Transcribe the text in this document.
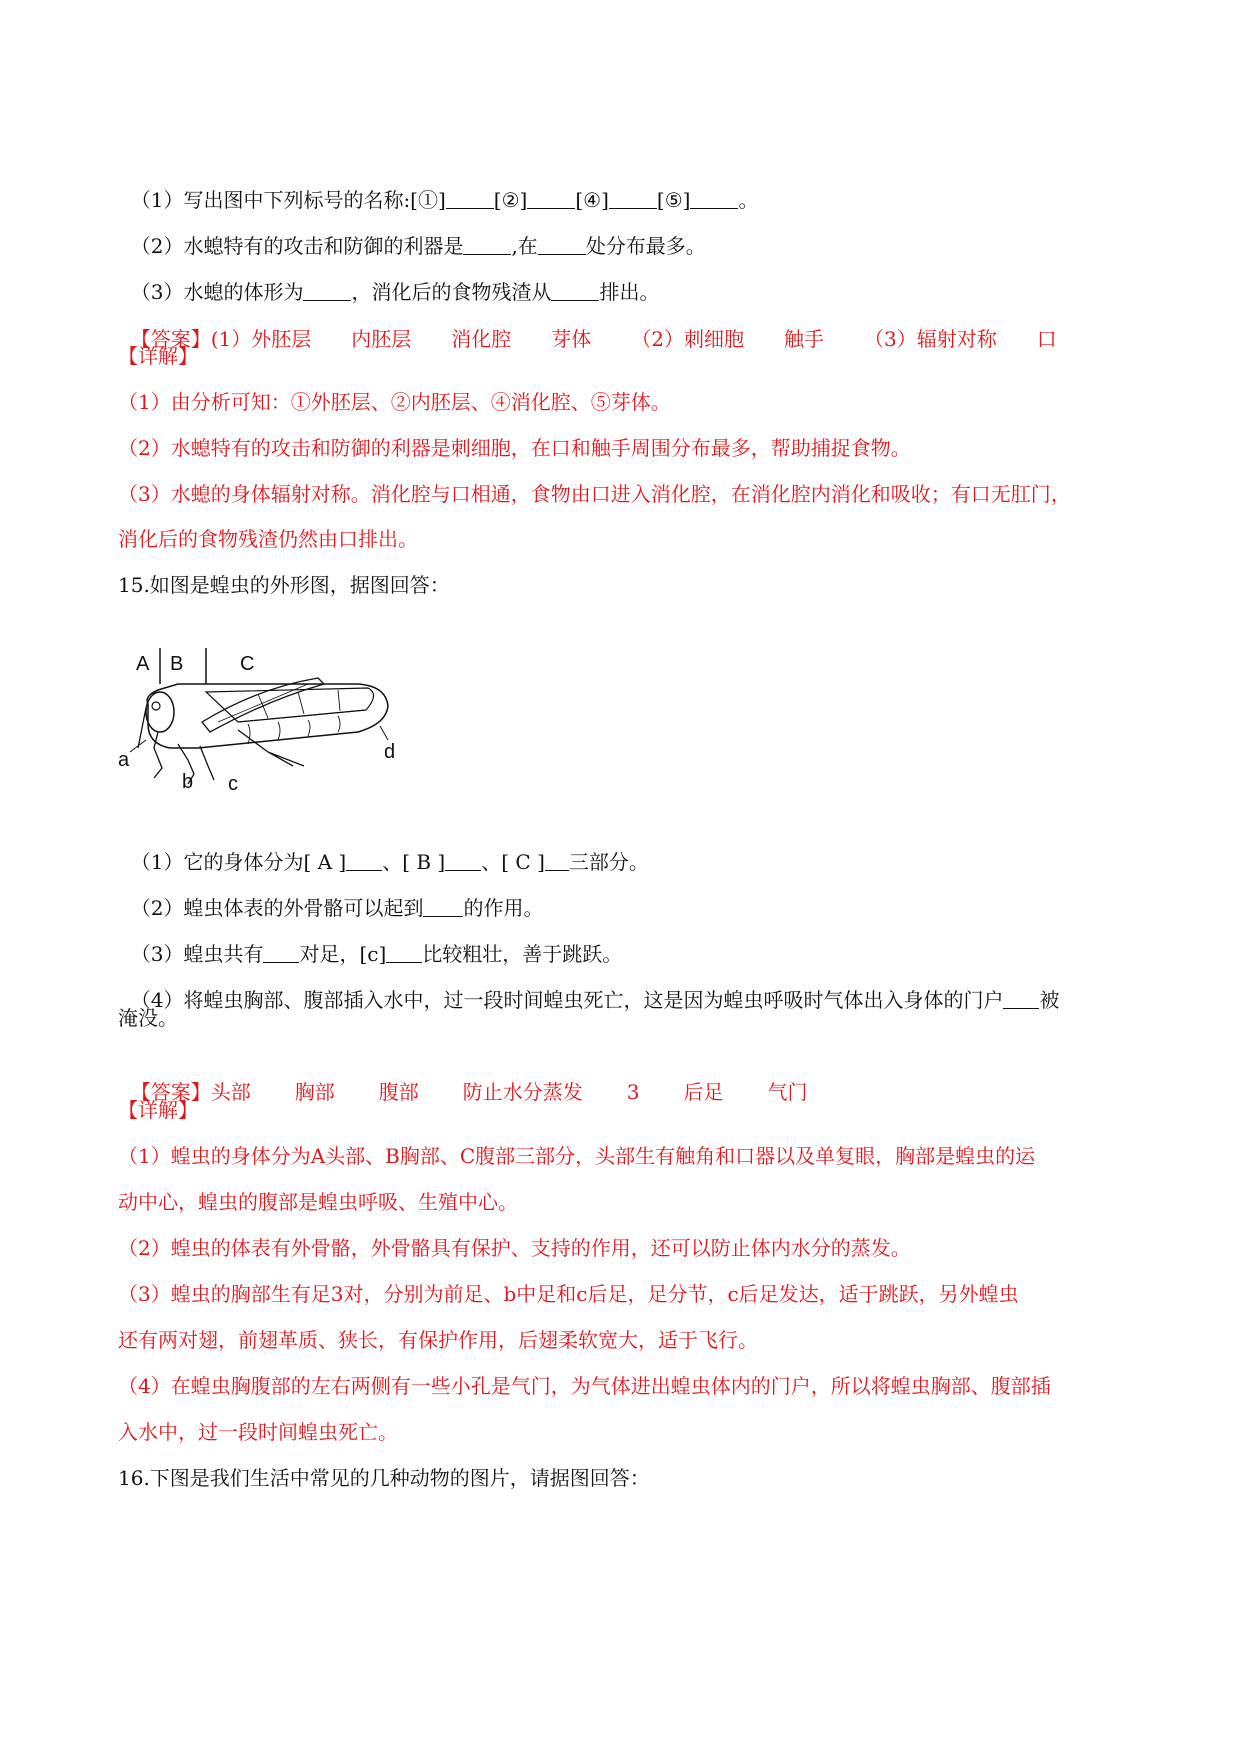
（1）写出图中下列标号的名称:[①] [②] [④] [⑤] 。

（2）水螅特有的攻击和防御的利器是 ,在 处分布最多。

（3）水螅的体形为 ，消化后的食物残渣从 排出。

【答案】(1）外胚层 内胚层 消化腔 芽体 （2）刺细胞 触手 （3）辐射对称 口

【详解】
（1）由分析可知：①外胚层、②内胚层、④消化腔、⑤芽体。
（2）水螅特有的攻击和防御的利器是刺细胞，在口和触手周围分布最多，帮助捕捉食物。
（3）水螅的身体辐射对称。消化腔与口相通，食物由口进入消化腔，在消化腔内消化和吸收；有口无肛门，
消化后的食物残渣仍然由口排出。
15.如图是蝗虫的外形图，据图回答：
A B	C
a
b c
d

（1）它的身体分为[ A ] 、[ B ] 、[ C ] 三部分。

（2）蝗虫体表的外骨骼可以起到 的作用。

（3）蝗虫共有 对足，[c] 比较粗壮，善于跳跃。

（4）将蝗虫胸部、腹部插入水中，过一段时间蝗虫死亡，这是因为蝗虫呼吸时气体出入身体的门户 被

淹没。

【答案】头部 胸部 腹部 防止水分蒸发 3 后足 气门

【详解】
（1）蝗虫的身体分为A头部、B胸部、C腹部三部分，头部生有触角和口器以及单复眼，胸部是蝗虫的运
动中心，蝗虫的腹部是蝗虫呼吸、生殖中心。
（2）蝗虫的体表有外骨骼，外骨骼具有保护、支持的作用，还可以防止体内水分的蒸发。
（3）蝗虫的胸部生有足3对，分别为前足、b中足和c后足，足分节，c后足发达，适于跳跃，另外蝗虫
还有两对翅，前翅革质、狭长，有保护作用，后翅柔软宽大，适于飞行。
（4）在蝗虫胸腹部的左右两侧有一些小孔是气门，为气体进出蝗虫体内的门户，所以将蝗虫胸部、腹部插
入水中，过一段时间蝗虫死亡。
16.下图是我们生活中常见的几种动物的图片，请据图回答：
